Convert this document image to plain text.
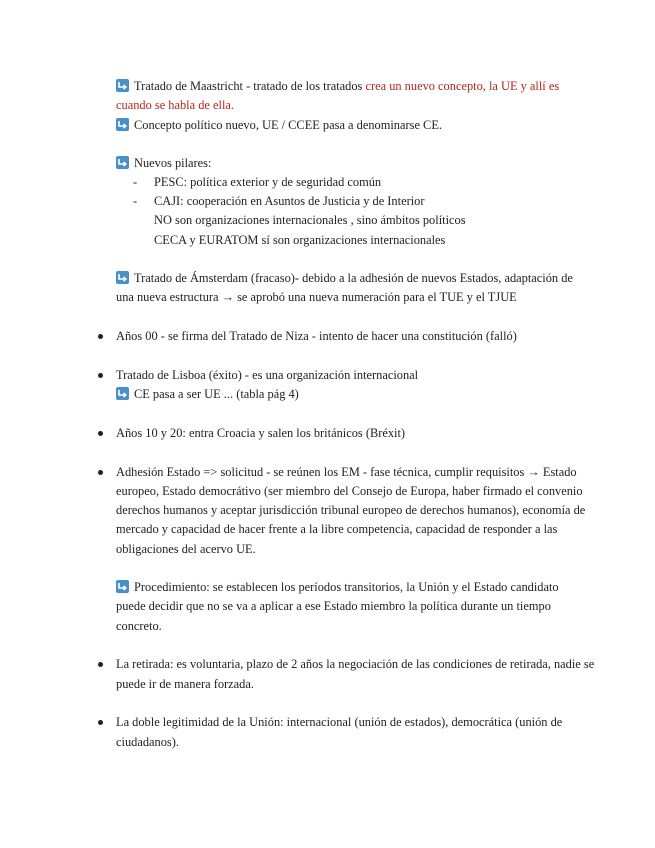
Tratado de Maastricht - tratado de los tratados crea un nuevo concepto, la UE y allí es
cuando se habla de ella.
Concepto político nuevo, UE / CCEE pasa a denominarse CE.
Nuevos pilares:
- PESC: política exterior y de seguridad común
- CAJI: cooperación en Asuntos de Justicia y de Interior
NO son organizaciones internacionales , sino ámbitos políticos
CECA y EURATOM sí son organizaciones internacionales
Tratado de Ámsterdam (fracaso)- debido a la adhesión de nuevos Estados, adaptación de
una nueva estructura → se aprobó una nueva numeración para el TUE y el TJUE
Años 00 - se firma del Tratado de Niza - intento de hacer una constitución (falló)
Tratado de Lisboa (éxito) - es una organización internacional
CE pasa a ser UE ... (tabla pág 4)
Años 10 y 20: entra Croacia y salen los británicos (Bréxit)
Adhesión Estado => solicitud - se reúnen los EM - fase técnica, cumplir requisitos → Estado
europeo, Estado democrátivo (ser miembro del Consejo de Europa, haber firmado el convenio
derechos humanos y aceptar jurisdicción tribunal europeo de derechos humanos), economía de
mercado y capacidad de hacer frente a la libre competencia, capacidad de responder a las
obligaciones del acervo UE.
Procedimiento: se establecen los períodos transitorios, la Unión y el Estado candidato
puede decidir que no se va a aplicar a ese Estado miembro la política durante un tiempo
concreto.
La retirada: es voluntaria, plazo de 2 años la negociación de las condiciones de retirada, nadie se
puede ir de manera forzada.
La doble legitimidad de la Unión: internacional (unión de estados), democrática (unión de
ciudadanos).
